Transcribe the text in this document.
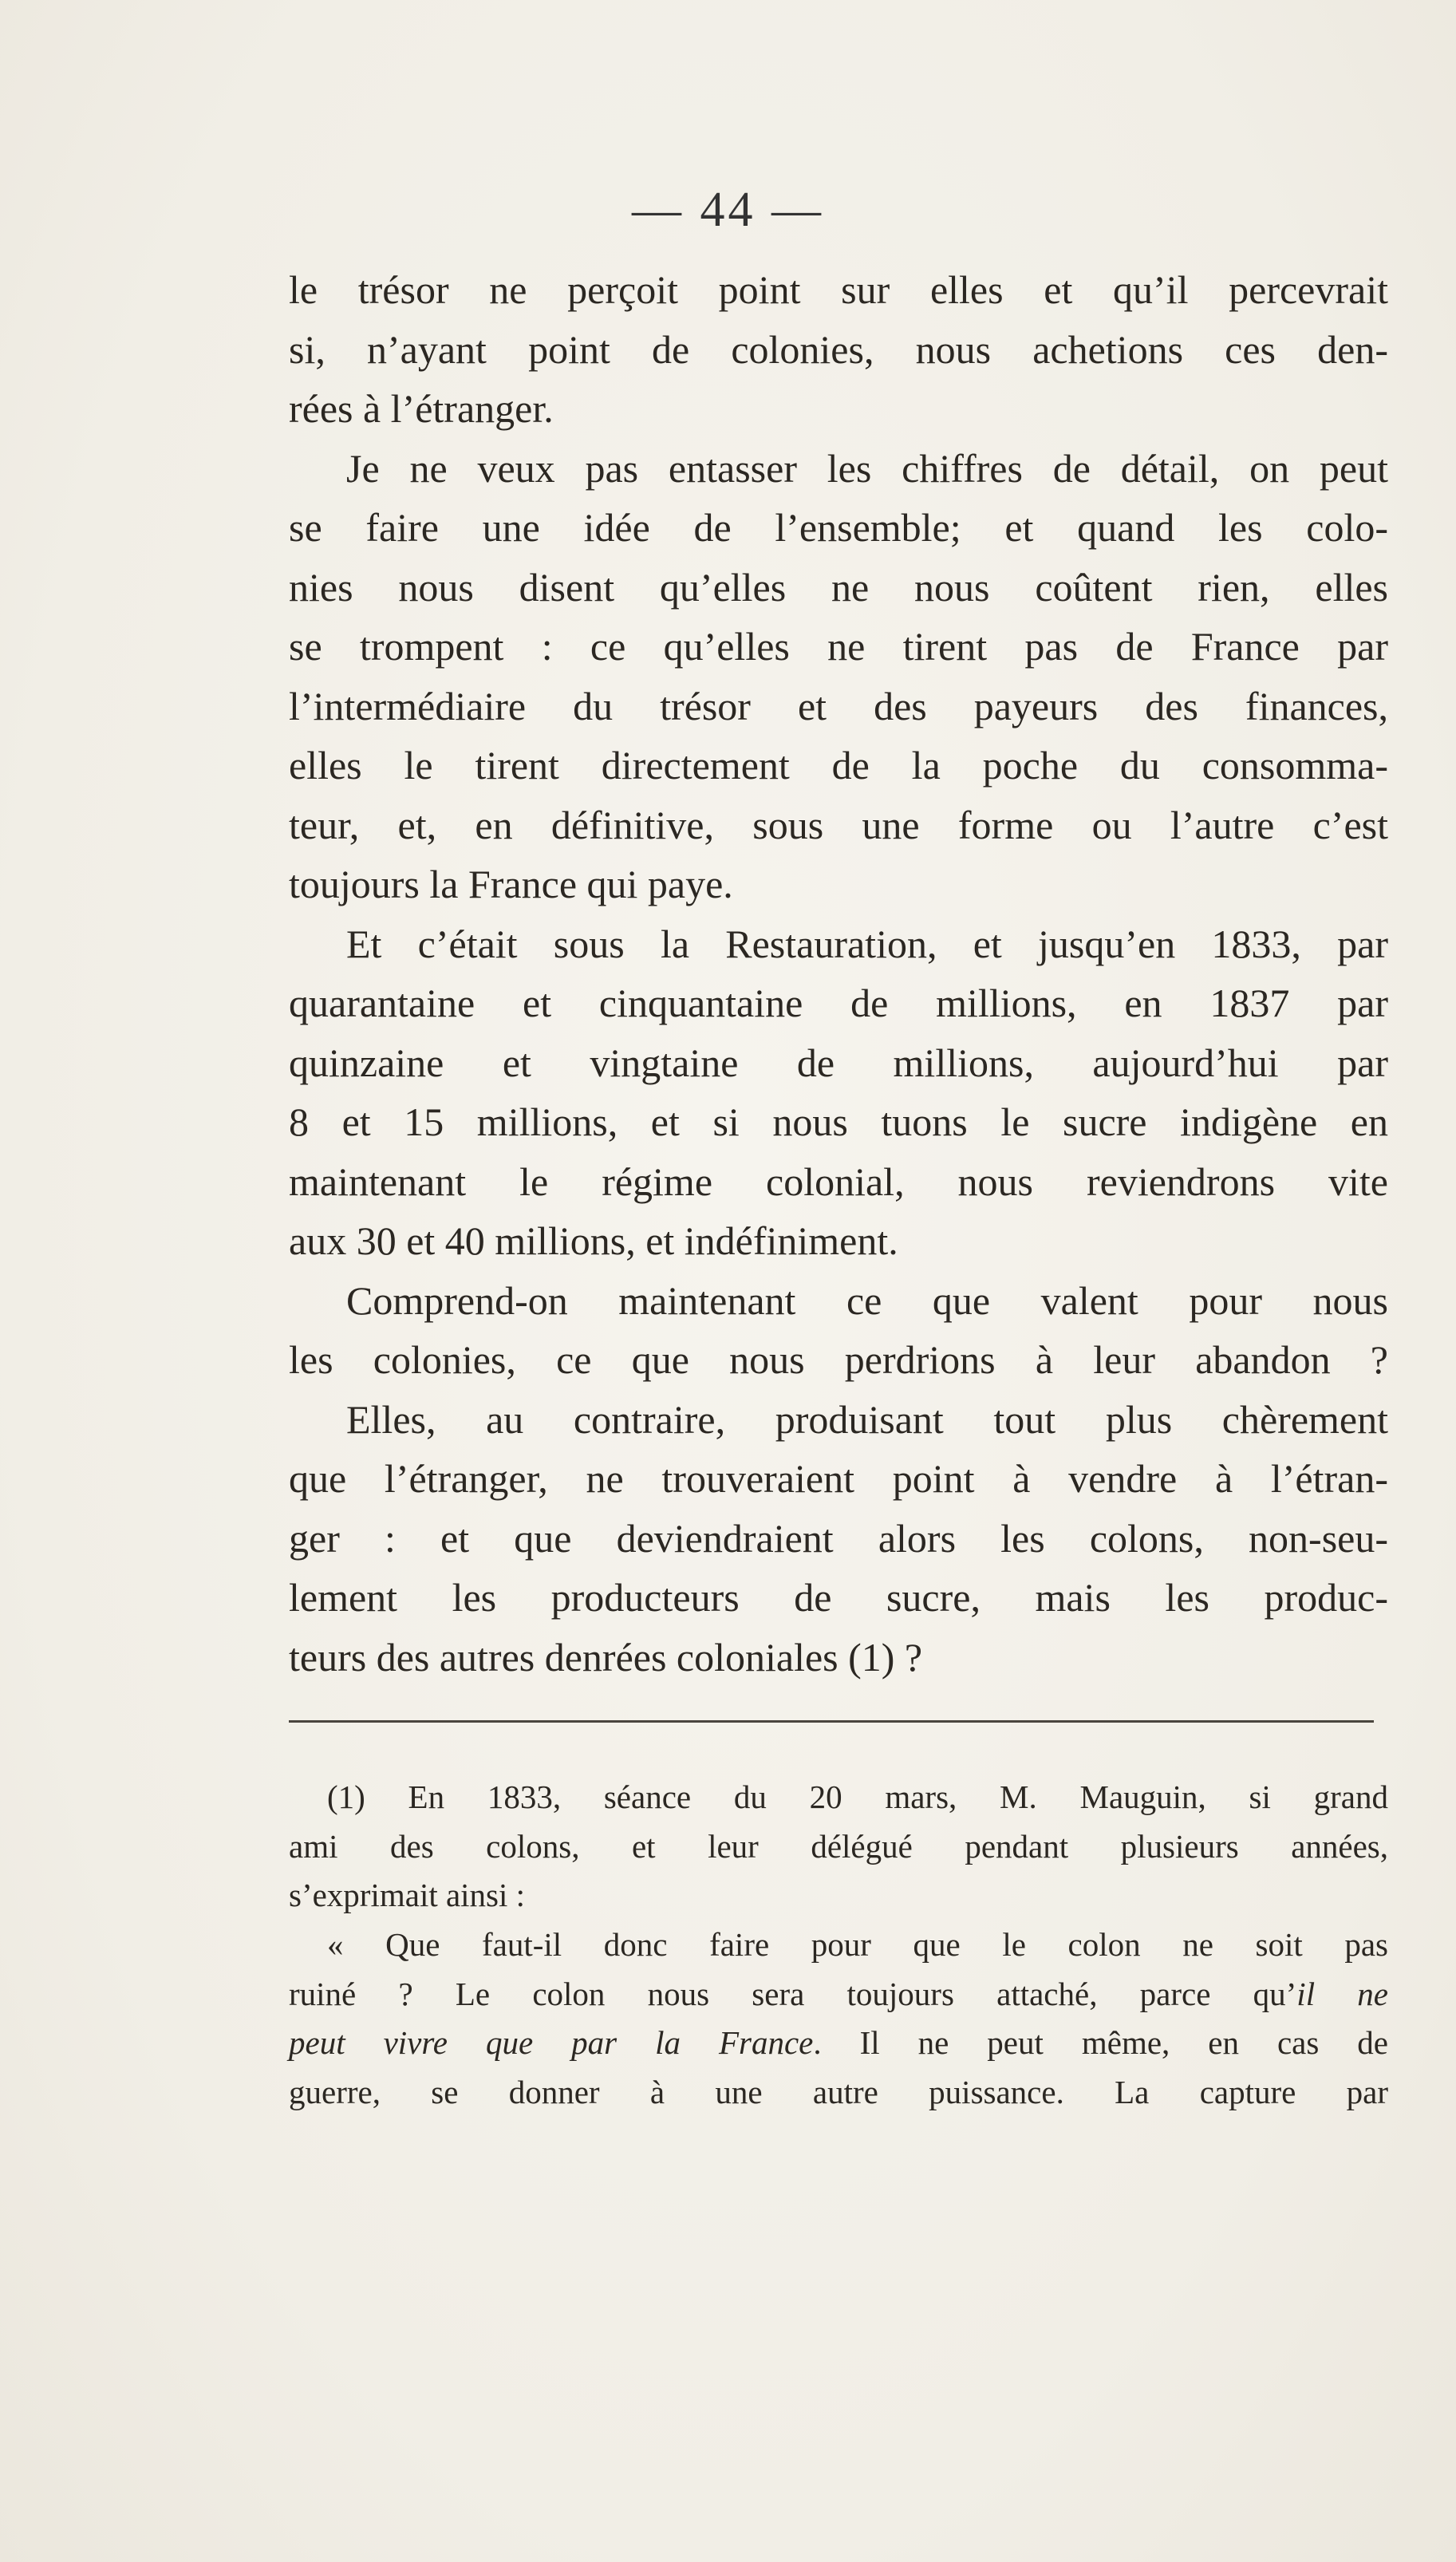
— 44 —
le trésor ne perçoit point sur elles et qu’il percevrait
si, n’ayant point de colonies, nous achetions ces den-
rées à l’étranger.
Je ne veux pas entasser les chiffres de détail, on peut
se faire une idée de l’ensemble; et quand les colo-
nies nous disent qu’elles ne nous coûtent rien, elles
se trompent : ce qu’elles ne tirent pas de France par
l’intermédiaire du trésor et des payeurs des finances,
elles le tirent directement de la poche du consomma-
teur, et, en définitive, sous une forme ou l’autre c’est
toujours la France qui paye.
Et c’était sous la Restauration, et jusqu’en 1833, par
quarantaine et cinquantaine de millions, en 1837 par
quinzaine et vingtaine de millions, aujourd’hui par
8 et 15 millions, et si nous tuons le sucre indigène en
maintenant le régime colonial, nous reviendrons vite
aux 30 et 40 millions, et indéfiniment.
Comprend-on maintenant ce que valent pour nous
les colonies, ce que nous perdrions à leur abandon ?
Elles, au contraire, produisant tout plus chèrement
que l’étranger, ne trouveraient point à vendre à l’étran-
ger : et que deviendraient alors les colons, non-seu-
lement les producteurs de sucre, mais les produc-
teurs des autres denrées coloniales (1) ?
(1) En 1833, séance du 20 mars, M. Mauguin, si grand
ami des colons, et leur délégué pendant plusieurs années,
s’exprimait ainsi :
« Que faut-il donc faire pour que le colon ne soit pas
ruiné ? Le colon nous sera toujours attaché, parce qu’il ne
peut vivre que par la France. Il ne peut même, en cas de
guerre, se donner à une autre puissance. La capture par
